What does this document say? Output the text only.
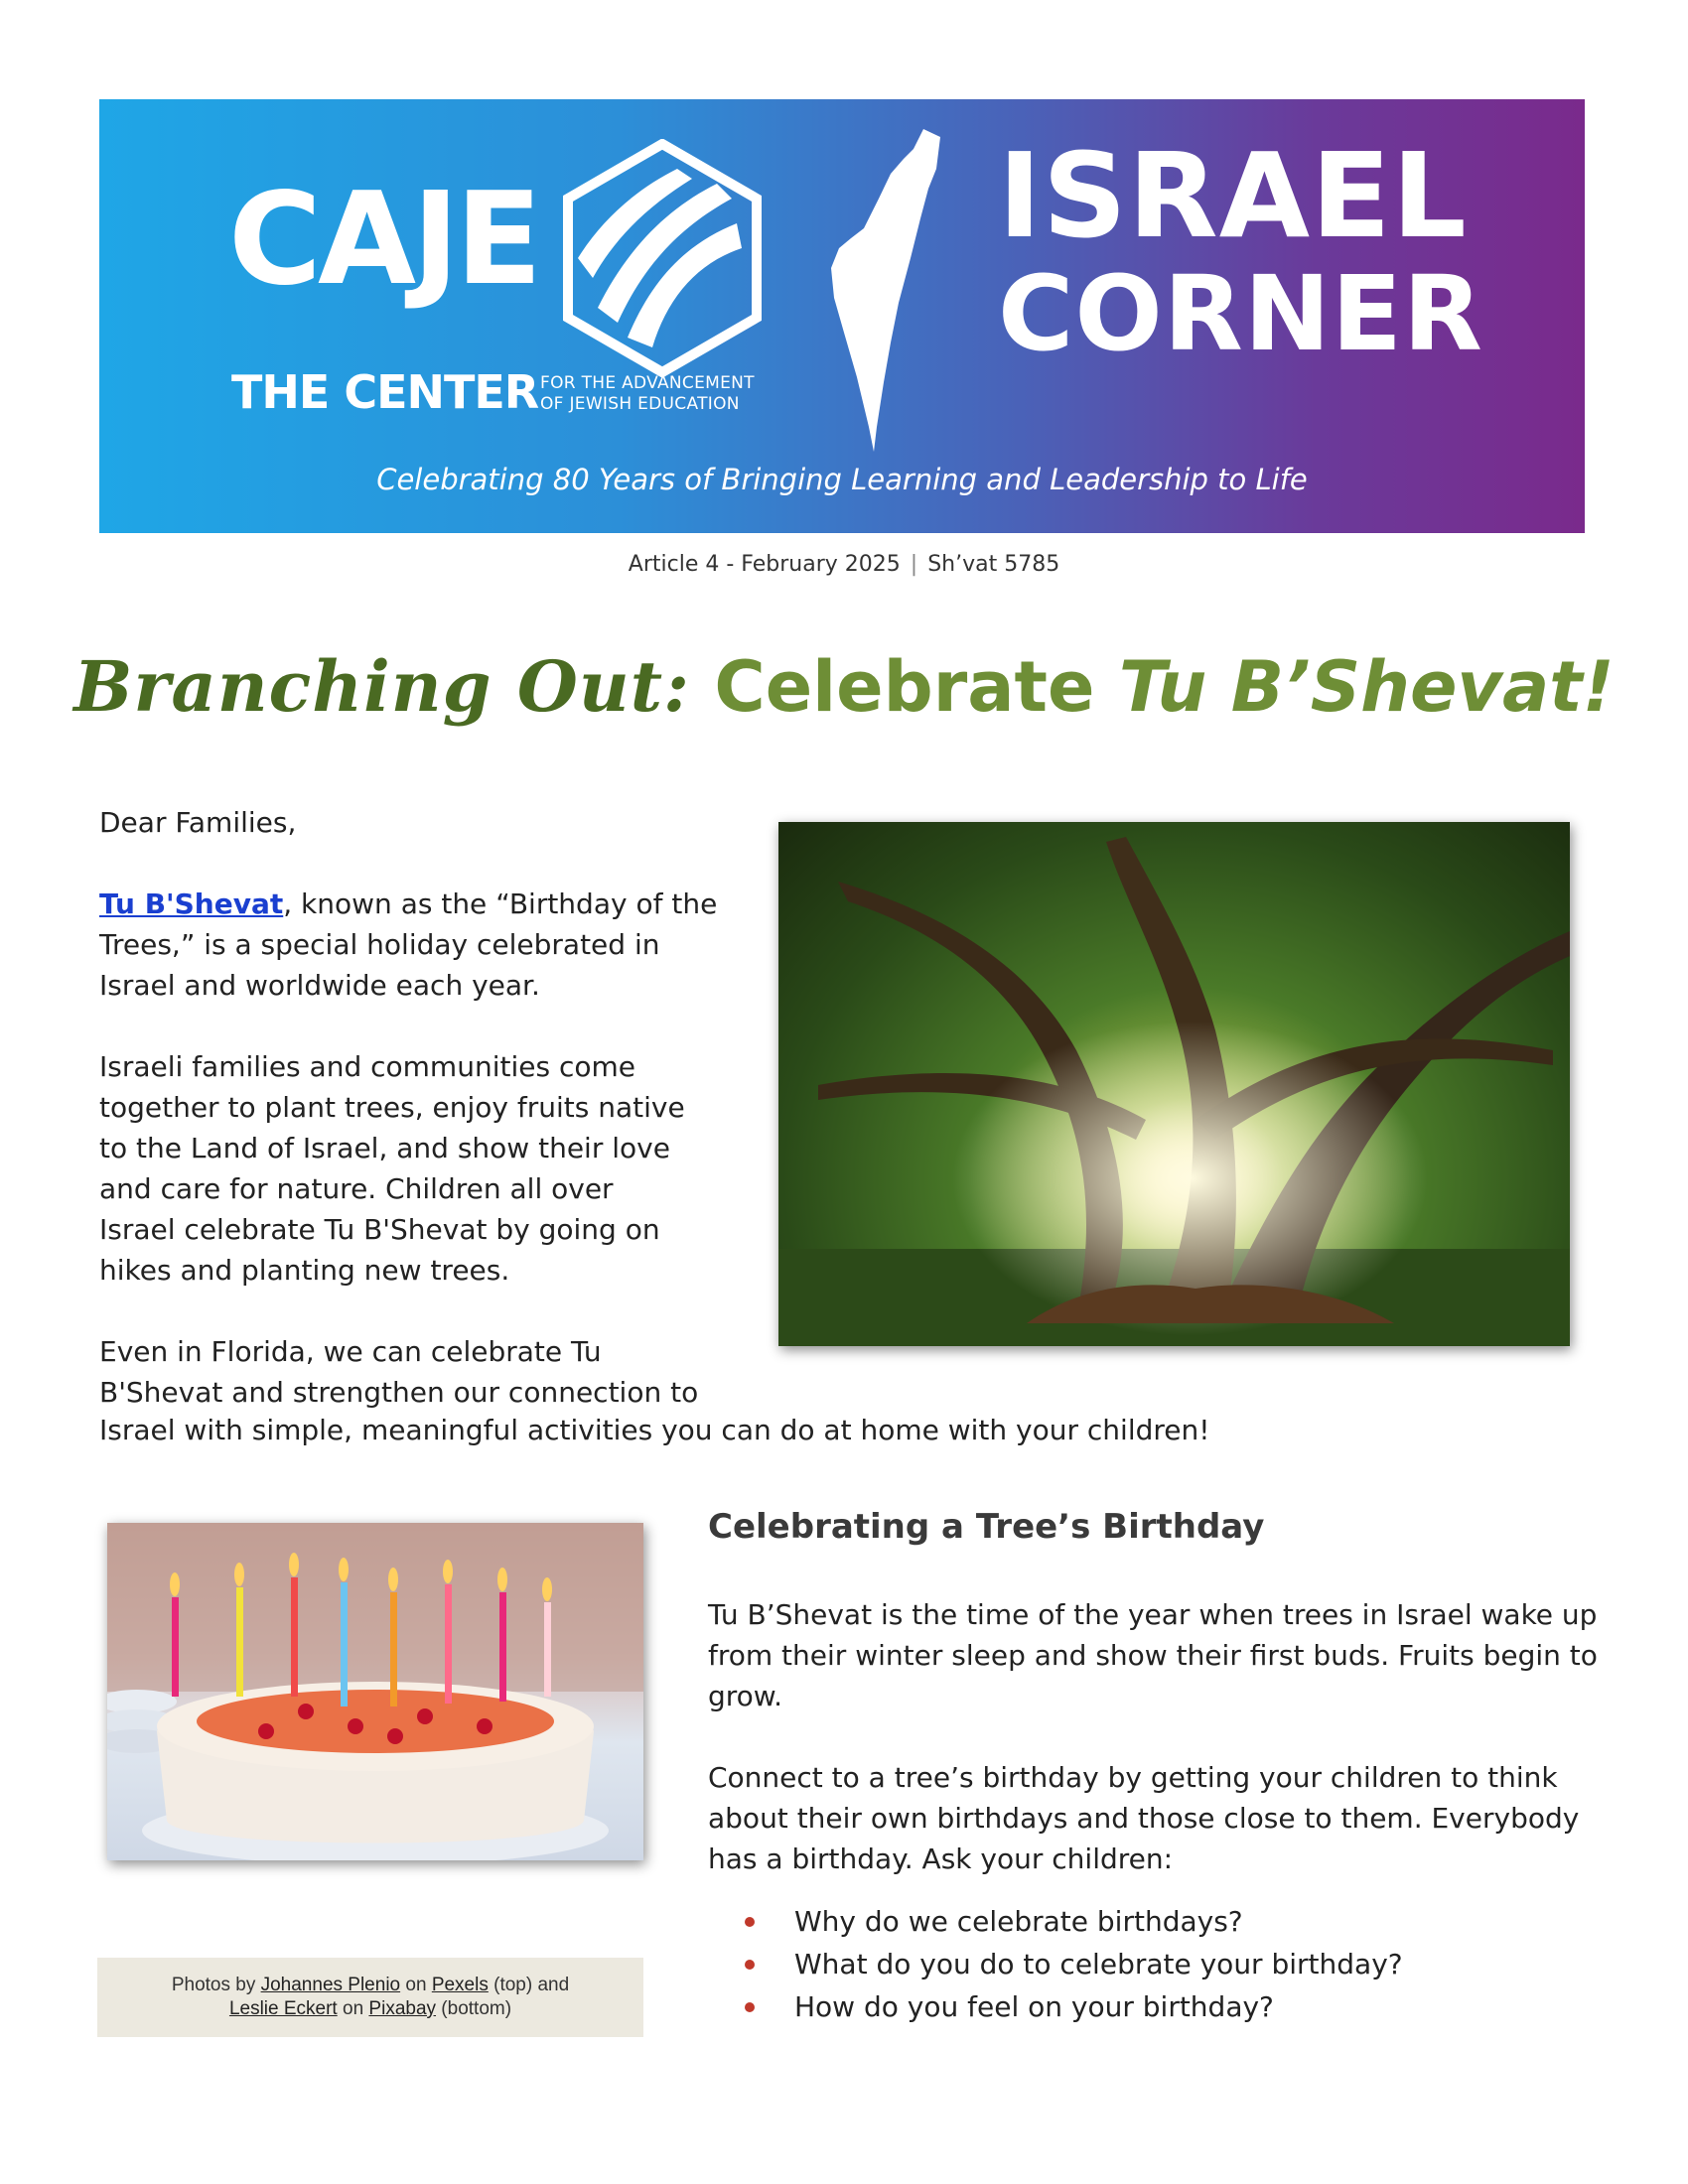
CAJE
THE CENTER FOR THE ADVANCEMENT
OF JEWISH EDUCATION
ISRAEL
CORNER
Celebrating 80 Years of Bringing Learning and Leadership to Life
Article 4 - February 2025 | Sh’vat 5785
Branching Out: Celebrate Tu B’Shevat!

Dear Families,

Tu B'Shevat, known as the “Birthday of the Trees,” is a special holiday celebrated in Israel and worldwide each year.

Israeli families and communities come together to plant trees, enjoy fruits native to the Land of Israel, and show their love and care for nature. Children all over Israel celebrate Tu B'Shevat by going on hikes and planting new trees.

Even in Florida, we can celebrate Tu
B'Shevat and strengthen our connection to

Israel with simple, meaningful activities you can do at home with your children!

Celebrating a Tree’s Birthday

Tu B’Shevat is the time of the year when trees in Israel wake up from their winter sleep and show their first buds. Fruits begin to grow.

Connect to a tree’s birthday by getting your children to think about their own birthdays and those close to them. Everybody has a birthday. Ask your children:

Why do we celebrate birthdays?
What do you do to celebrate your birthday?
How do you feel on your birthday?
Photos by Johannes Plenio on Pexels (top) and
Leslie Eckert on Pixabay (bottom)
